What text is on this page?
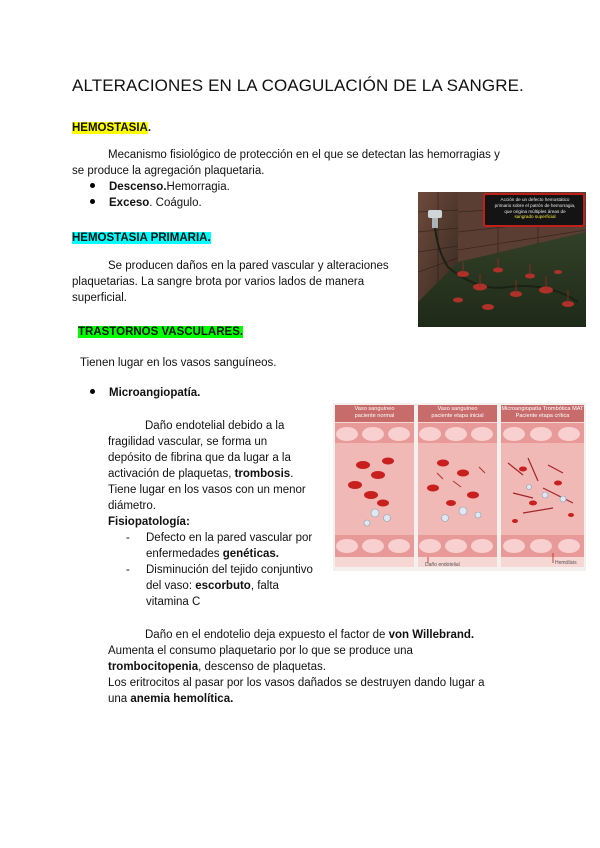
ALTERACIONES EN LA COAGULACIÓN DE LA SANGRE.
HEMOSTASIA.
Mecanismo fisiológico de protección en el que se detectan las hemorragias y
se produce la agregación plaquetaria.
Descenso. Hemorragia.
Exceso . Coágulo.
HEMOSTASIA PRIMARIA.
Se producen daños en la pared vascular y alteraciones
plaquetarias. La sangre brota por varios lados de manera
superficial.
Acción de un defecto hemostático
primario sobre el patrón de hemorragia,
que origina múltiples áreas de
sangrado superficial
TRASTORNOS VASCULARES.
Tienen lugar en los vasos sanguíneos.
Microangiopatía.
Daño endotelial debido a la
fragilidad vascular, se forma un
depósito de fibrina que da lugar a la
activación de plaquetas, trombosis.
Tiene lugar en los vasos con un menor
diámetro.
Fisiopatología:
- Defecto en la pared vascular por
enfermedades genéticas.
- Disminución del tejido conjuntivo
del vaso: escorbuto, falta
vitamina C
Vaso sanguíneo
paciente normal
Vaso sanguíneo
paciente etapa inicial
Microangiopatía Trombótica MAT
Paciente etapa crítica
Daño endotelial	Hemólisis
Daño en el endotelio deja expuesto el factor de von Willebrand.
Aumenta el consumo plaquetario por lo que se produce una
trombocitopenia, descenso de plaquetas.
Los eritrocitos al pasar por los vasos dañados se destruyen dando lugar a
una anemia hemolítica.
